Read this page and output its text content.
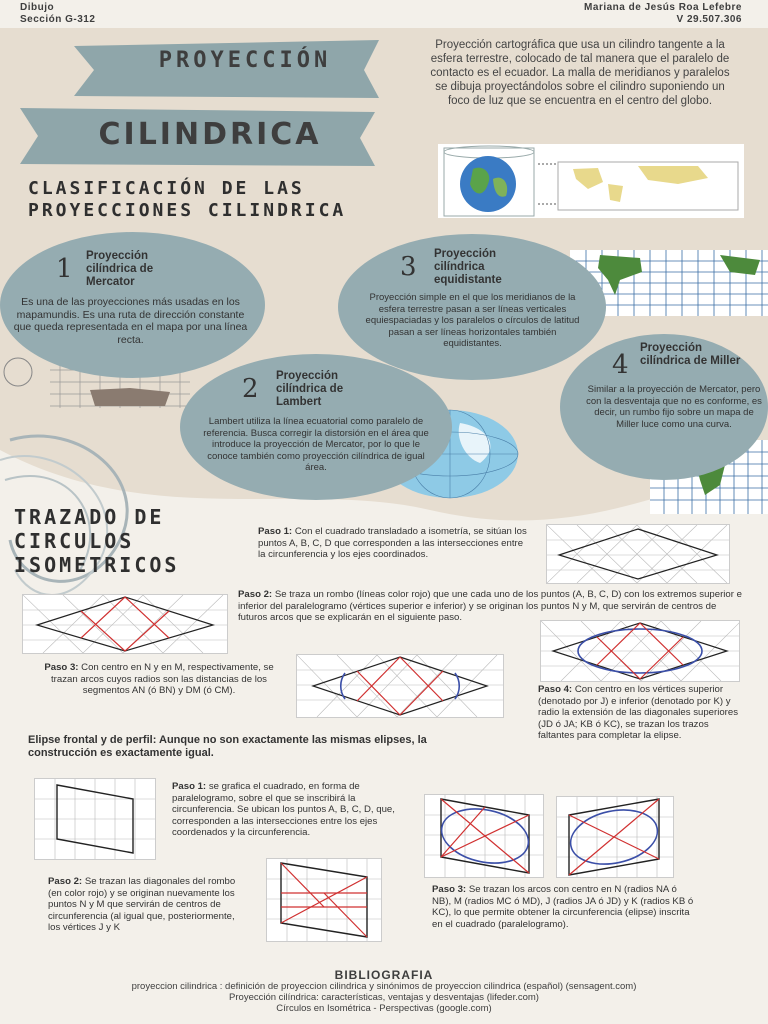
Dibujo
Sección G-312
Mariana de Jesús Roa Lefebre
V 29.507.306
PROYECCIÓN
CILINDRICA
Proyección cartográfica que usa un cilindro tangente a la esfera terrestre, colocado de tal manera que el paralelo de contacto es el ecuador. La malla de meridianos y paralelos se dibuja proyectándolos sobre el cilindro suponiendo un foco de luz que se encuentra en el centro del globo.
CLASIFICACIÓN DE LAS PROYECCIONES CILINDRICA
1 Proyección cilíndrica de Mercator
Es una de las proyecciones más usadas en los mapamundis. Es una ruta de dirección constante que queda representada en el mapa por una línea recta.
3 Proyección cilíndrica equidistante
Proyección simple en el que los meridianos de la esfera terrestre pasan a ser líneas verticales equiespaciadas y los paralelos o círculos de latitud pasan a ser líneas horizontales también equidistantes.
2 Proyección cilíndrica de Lambert
Lambert utiliza la línea ecuatorial como paralelo de referencia. Busca corregir la distorsión en el área que introduce la proyección de Mercator, por lo que le conoce también como proyección cilíndrica de igual área.
4
Proyección cilíndrica de Miller
Similar a la proyección de Mercator, pero con la desventaja que no es conforme, es decir, un rumbo fijo sobre un mapa de Miller luce como una curva.
TRAZADO DE
CIRCULOS
ISOMETRICOS
Paso 1: Con el cuadrado transladado a isometría, se sitúan los puntos A, B, C, D que corresponden a las intersecciones entre la circunferencia y los ejes coordinados.
Paso 2: Se traza un rombo (líneas color rojo) que une cada uno de los puntos (A, B, C, D) con los extremos superior e inferior del paralelogramo (vértices superior e inferior) y se originan los puntos N y M, que servirán de centros de futuros arcos que se explicarán en el siguiente paso.
Paso 3: Con centro en N y en M, respectivamente, se trazan arcos cuyos radios son las distancias de los segmentos AN (ó BN) y DM (ó CM).	Paso 4: Con centro en los vértices superior (denotado por J) e inferior (denotado por K) y radio la extensión de las diagonales superiores (JD ó JA; KB ó KC), se trazan los trazos faltantes para completar la elipse.
Elipse frontal y de perfil: Aunque no son exactamente las mismas elipses, la construcción es exactamente igual.
Paso 1: se grafica el cuadrado, en forma de paralelogramo, sobre el que se inscribirá la circunferencia. Se ubican los puntos A, B, C, D, que, corresponden a las intersecciones entre los ejes coordenados y la circunferencia.
Paso 2: Se trazan las diagonales del rombo (en color rojo) y se originan nuevamente los puntos N y M que servirán de centros de circunferencia (al igual que, posteriormente, los vértices J y K
Paso 3: Se trazan los arcos con centro en N (radios NA ó NB), M (radios MC ó MD), J (radios JA ó JD) y K (radios KB ó KC), lo que permite obtener la circunferencia (elipse) inscrita en el cuadrado (paralelogramo).
BIBLIOGRAFIA
proyeccion cilindrica : definición de proyeccion cilindrica y sinónimos de proyeccion cilindrica (español) (sensagent.com)
Proyección cilíndrica: características, ventajas y desventajas (lifeder.com)
Círculos en Isométrica - Perspectivas (google.com)
